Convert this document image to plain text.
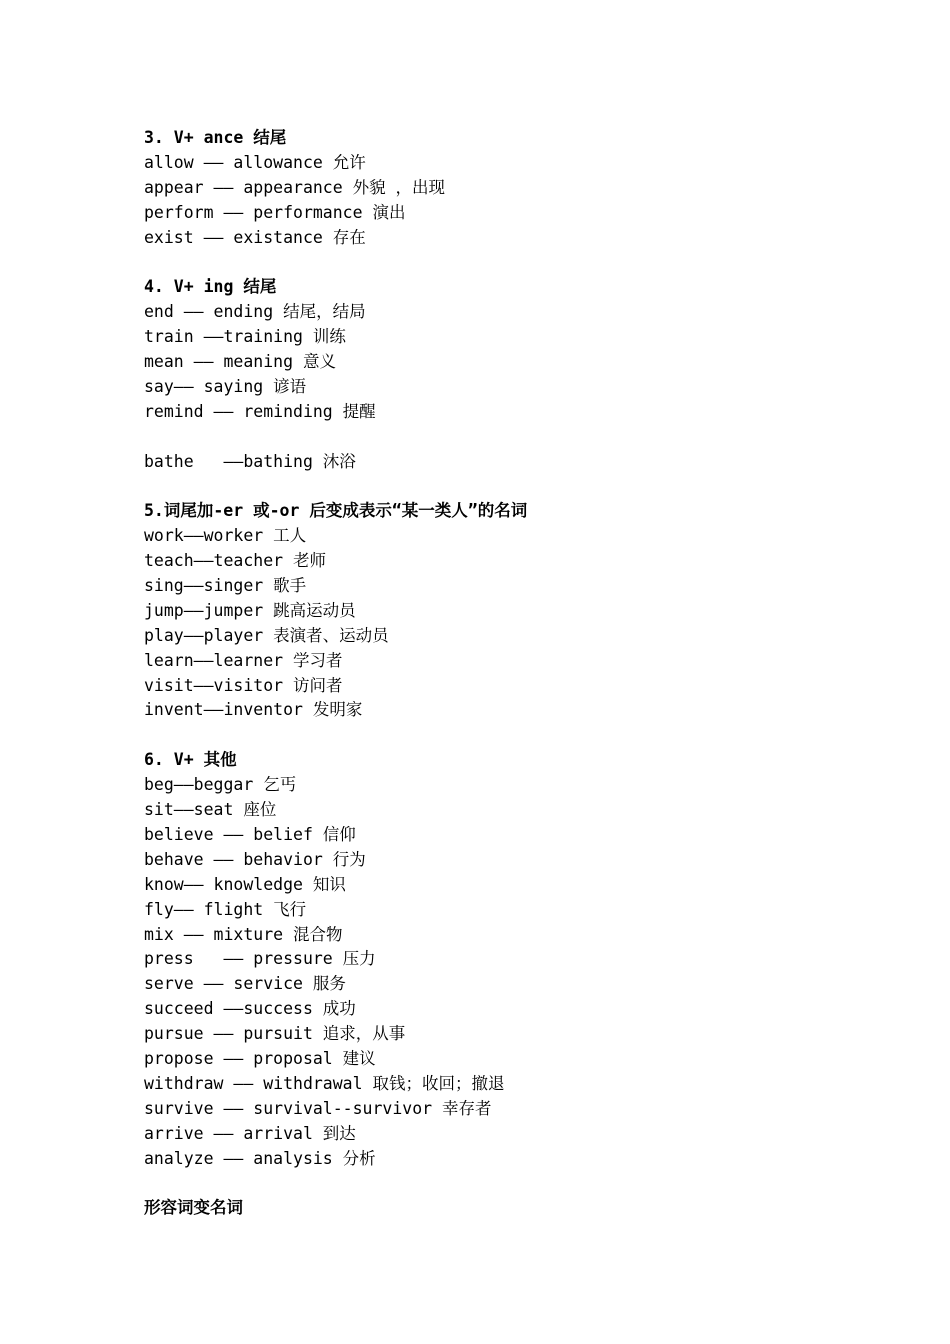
3. V+ ance 结尾
allow —— allowance 允许
appear —— appearance 外貌 ，出现
perform —— performance 演出
exist —— existance 存在
4. V+ ing 结尾
end —— ending 结尾，结局
train ——training 训练
mean —— meaning 意义
say—— saying 谚语
remind —— reminding 提醒
bathe   ——bathing 沐浴
5.词尾加-er 或-or 后变成表示“某一类人”的名词
work——worker 工人
teach——teacher 老师
sing——singer 歌手
jump——jumper 跳高运动员
play——player 表演者、运动员
learn——learner 学习者
visit——visitor 访问者
invent——inventor 发明家
6. V+ 其他
beg——beggar 乞丐
sit——seat 座位
believe —— belief 信仰
behave —— behavior 行为
know—— knowledge 知识
fly—— flight 飞行
mix —— mixture 混合物
press   —— pressure 压力
serve —— service 服务
succeed ——success 成功
pursue —— pursuit 追求，从事
propose —— proposal 建议
withdraw —— withdrawal 取钱；收回；撤退
survive —— survival--survivor 幸存者
arrive —— arrival 到达
analyze —— analysis 分析
形容词变名词
